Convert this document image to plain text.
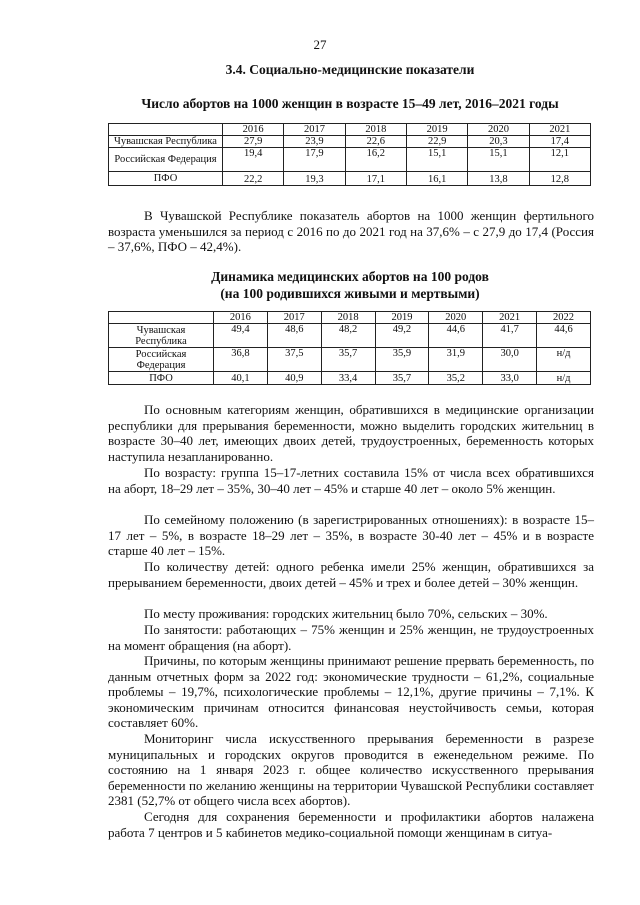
27
3.4. Социально-медицинские показатели
Число абортов на 1000 женщин в возрасте 15–49 лет, 2016–2021 годы
	2016	2017	2018	2019	2020	2021
Чувашская Республика	27,9	23,9	22,6	22,9	20,3	17,4
Российская Федерация	19,4	17,9	16,2	15,1	15,1	12,1
ПФО	22,2	19,3	17,1	16,1	13,8	12,8

В Чувашской Республике показатель абортов на 1000 женщин фертильного возраста уменьшился за период с 2016 по до 2021 год на 37,6% – с 27,9 до 17,4 (Россия – 37,6%, ПФО – 42,4%).

Динамика медицинских абортов на 100 родов
(на 100 родившихся живыми и мертвыми)
	2016	2017	2018	2019	2020	2021	2022
Чувашская Республика	49,4	48,6	48,2	49,2	44,6	41,7	44,6
Российская Федерация	36,8	37,5	35,7	35,9	31,9	30,0	н/д
ПФО	40,1	40,9	33,4	35,7	35,2	33,0	н/д

По основным категориям женщин, обратившихся в медицинские организации республики для прерывания беременности, можно выделить городских жительниц в возрасте 30–40 лет, имеющих двоих детей, трудоустроенных, беременность которых наступила незапланированно.

По возрасту: группа 15–17-летних составила 15% от числа всех обратившихся на аборт, 18–29 лет – 35%, 30–40 лет – 45% и старше 40 лет – около 5% женщин.

По семейному положению (в зарегистрированных отношениях): в возрасте 15–17 лет – 5%, в возрасте 18–29 лет – 35%, в возрасте 30-40 лет – 45% и в возрасте старше 40 лет – 15%.

По количеству детей: одного ребенка имели 25% женщин, обратившихся за прерыванием беременности, двоих детей – 45% и трех и более детей – 30% женщин.

По месту проживания: городских жительниц было 70%, сельских – 30%.

По занятости: работающих – 75% женщин и 25% женщин, не трудоустроенных на момент обращения (на аборт).

Причины, по которым женщины принимают решение прервать беременность, по данным отчетных форм за 2022 год: экономические трудности – 61,2%, социальные проблемы – 19,7%, психологические проблемы – 12,1%, другие причины – 7,1%. К экономическим причинам относится финансовая неустойчивость семьи, которая составляет 60%.

Мониторинг числа искусственного прерывания беременности в разрезе муниципальных и городских округов проводится в еженедельном режиме. По состоянию на 1 января 2023 г. общее количество искусственного прерывания беременности по желанию женщины на территории Чувашской Республики составляет 2381 (52,7% от общего числа всех абортов).

Сегодня для сохранения беременности и профилактики абортов налажена работа 7 центров и 5 кабинетов медико-социальной помощи женщинам в ситуа-
